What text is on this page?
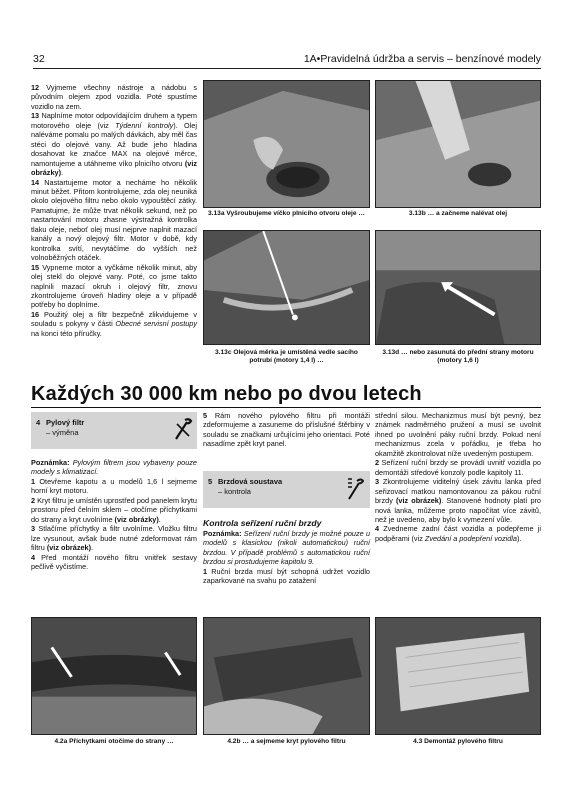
32	1A•Pravidelná údržba a servis – benzínové modely

12 Vyjmeme všechny nástroje a nádobu s původním olejem zpod vozidla. Poté spustíme vozidlo na zem.

13 Naplníme motor odpovídajícím druhem a typem motorového oleje (viz Týdenní kontroly). Olej naléváme pomalu po malých dávkách, aby měl čas stéci do olejové vany. Až bude jeho hladina dosahovat ke značce MAX na olejové měrce, namontujeme a utáhneme víko plnicího otvoru (viz obrázky).

14 Nastartujeme motor a necháme ho několik minut běžet. Přitom kontrolujeme, zda olej neuniká okolo olejového filtru nebo okolo vypouštěcí zátky. Pamatujme, že může trvat několik sekund, než po nastartování motoru zhasne výstražná kontrolka tlaku oleje, neboť olej musí nejprve naplnit mazací kanály a nový olejový filtr. Motor v době, kdy kontrolka svítí, nevytáčíme do vyšších než volnoběžných otáček.

15 Vypneme motor a vyčkáme několik minut, aby olej stekl do olejové vany. Poté, co jsme takto naplnili mazací okruh i olejový filtr, znovu zkontrolujeme úroveň hladiny oleje a v případě potřeby ho doplníme.

16 Použitý olej a filtr bezpečně zlikvidujeme v souladu s pokyny v části Obecné servisní postupy na konci této příručky.

3.13a Vyšroubujeme víčko plnicího otvoru oleje …	3.13b … a začneme nalévat olej
3.13c Olejová měrka je umístěná vedle sacího potrubí (motory 1,4 l) …
3.13d … nebo zasunutá do přední strany motoru (motory 1,6 l)
Každých 30 000 km nebo po dvou letech
4 Pylový filtr
– výměna

Poznámka: Pylovým filtrem jsou vybaveny pouze modely s klimatizací.

1 Otevřeme kapotu a u modelů 1,6 l sejmeme horní kryt motoru.

2 Kryt filtru je umístěn uprostřed pod panelem krytu prostoru před čelním sklem – otočíme příchytkami do strany a kryt uvolníme (viz obrázky).

3 Stlačíme příchytky a filtr uvolníme. Vložku filtru lze vysunout, avšak bude nutné zdeformovat rám filtru (viz obrázek).

4 Před montáží nového filtru vnitřek sestavy pečlivě vyčistíme.

5 Rám nového pylového filtru při montáži zdeformujeme a zasuneme do příslušné štěrbiny v souladu se značkami určujícími jeho orientaci. Poté nasadíme zpět kryt panel.

5 Brzdová soustava
– kontrola

Kontrola seřízení ruční brzdy

Poznámka: Seřízení ruční brzdy je možné pouze u modelů s klasickou (nikoli automatickou) ruční brzdou. V případě problémů s automatickou ruční brzdou si prostudujeme kapitolu 9.

1 Ruční brzda musí být schopná udržet vozidlo zaparkované na svahu po zatažení

střední silou. Mechanizmus musí být pevný, bez známek nadměrného pružení a musí se uvolnit ihned po uvolnění páky ruční brzdy. Pokud není mechanizmus zcela v pořádku, je třeba ho okamžitě zkontrolovat níže uvedeným postupem.

2 Seřízení ruční brzdy se provádí uvnitř vozidla po demontáži středové konzoly podle kapitoly 11.

3 Zkontrolujeme viditelný úsek závitu lanka před seřizovací matkou namontovanou za pákou ruční brzdy (viz obrázek). Stanovené hodnoty platí pro nová lanka, můžeme proto napočítat více závitů, než je uvedeno, aby bylo k vymezení vůle.

4 Zvedneme zadní část vozidla a podepřeme ji podpěrami (viz Zvedání a podepření vozidla).

4.2a Příchytkami otočíme do strany …	4.2b … a sejmeme kryt pylového filtru	4.3 Demontáž pylového filtru
